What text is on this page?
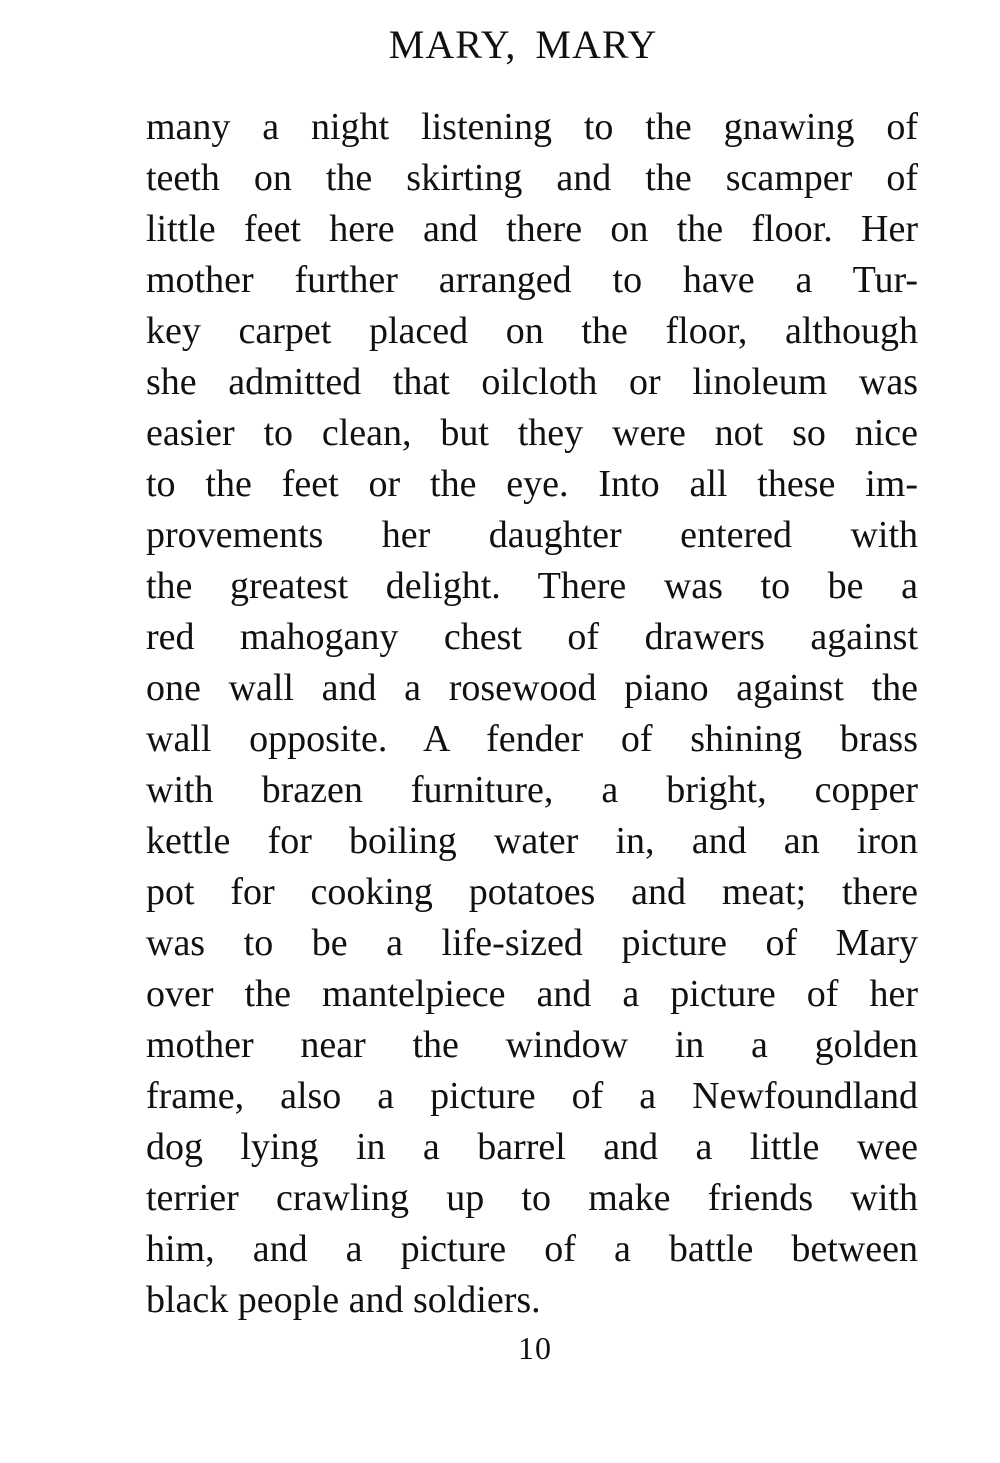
MARY, MARY
many a night listening to the gnawing of
teeth on the skirting and the scamper of
little feet here and there on the floor. Her
mother further arranged to have a Tur-
key carpet placed on the floor, although
she admitted that oilcloth or linoleum was
easier to clean, but they were not so nice
to the feet or the eye. Into all these im-
provements her daughter entered with
the greatest delight. There was to be a
red mahogany chest of drawers against
one wall and a rosewood piano against the
wall opposite. A fender of shining brass
with brazen furniture, a bright, copper
kettle for boiling water in, and an iron
pot for cooking potatoes and meat; there
was to be a life-sized picture of Mary
over the mantelpiece and a picture of her
mother near the window in a golden
frame, also a picture of a Newfoundland
dog lying in a barrel and a little wee
terrier crawling up to make friends with
him, and a picture of a battle between
black people and soldiers.
10
